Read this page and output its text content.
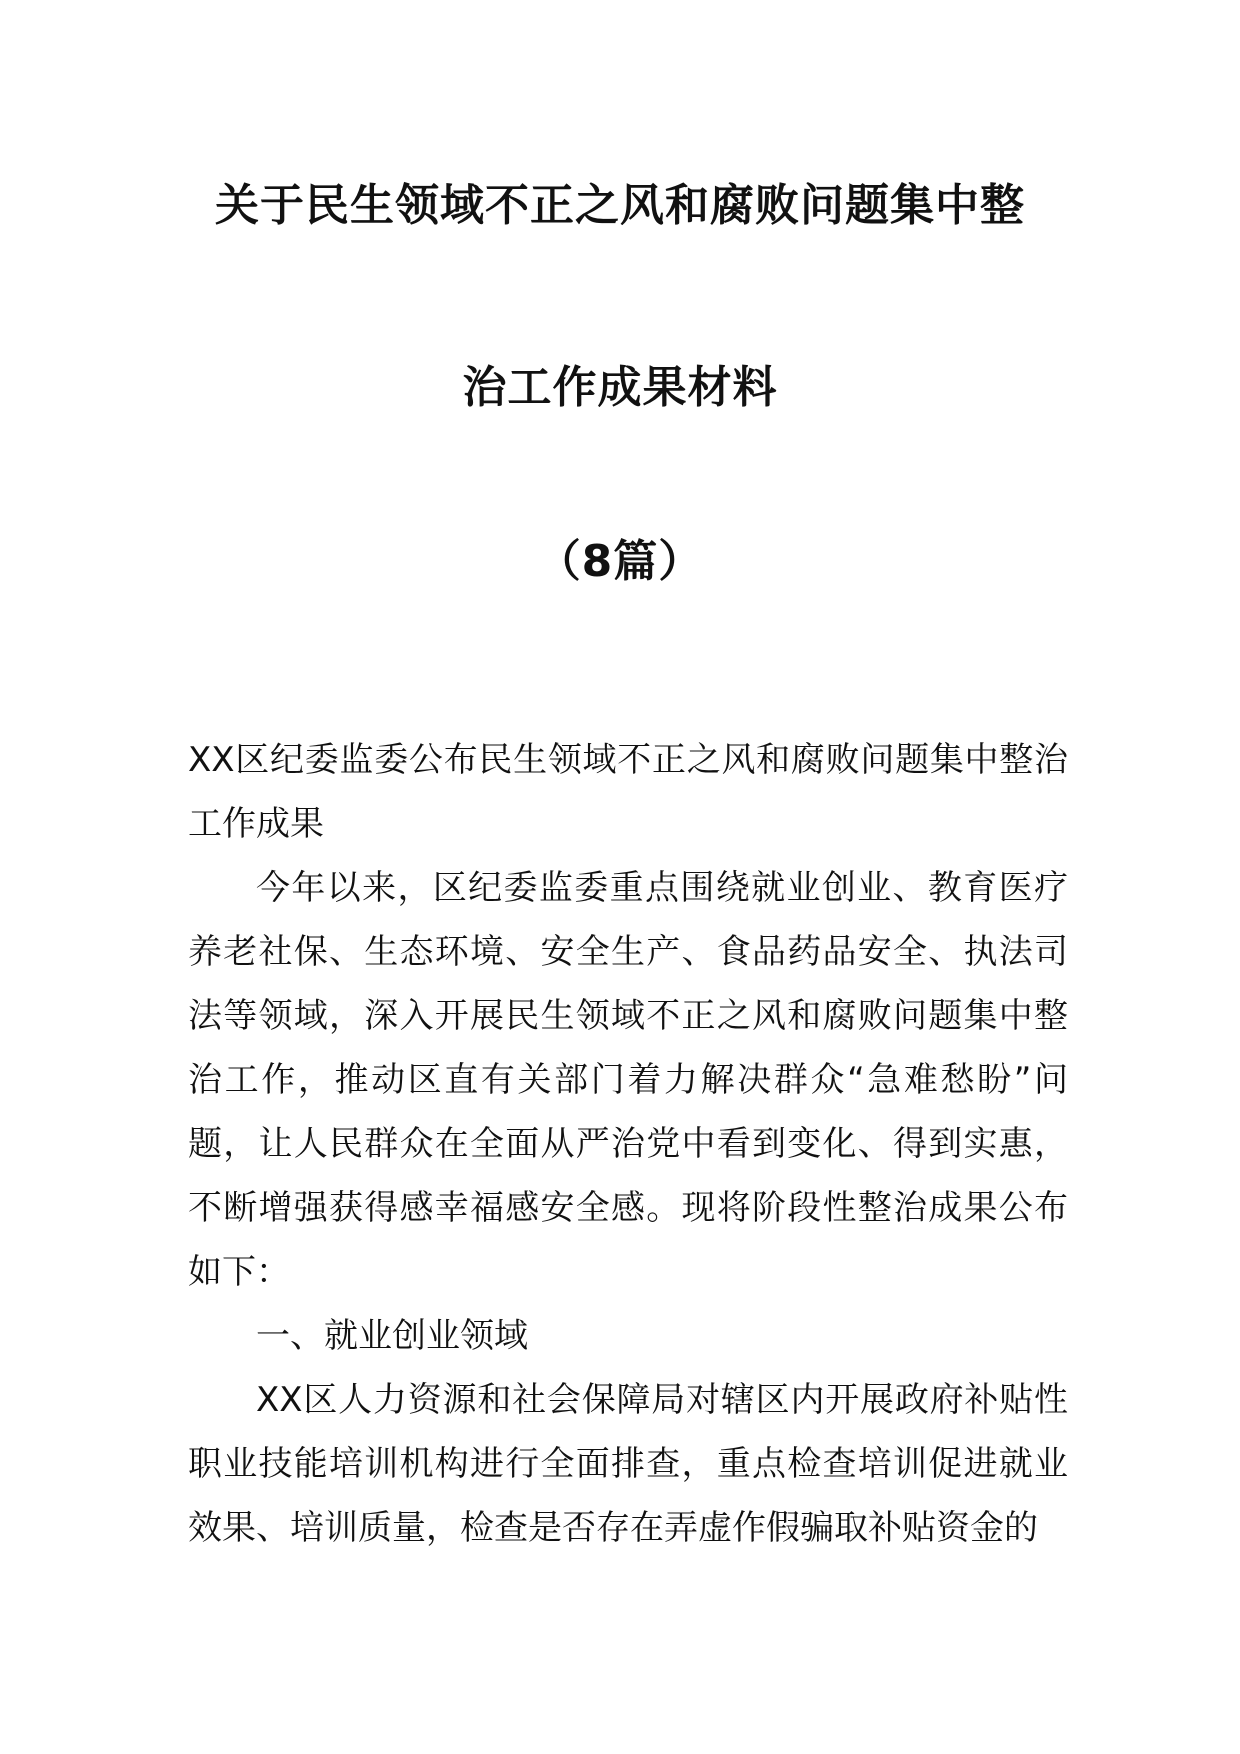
关于民生领域不正之风和腐败问题集中整
治工作成果材料
（8篇）

XX区纪委监委公布民生领域不正之风和腐败问题集中整治工作成果

今年以来，区纪委监委重点围绕就业创业、教育医疗养老社保、生态环境、安全生产、食品药品安全、执法司法等领域，深入开展民生领域不正之风和腐败问题集中整治工作，推动区直有关部门着力解决群众“急难愁盼”问题，让人民群众在全面从严治党中看到变化、得到实惠，不断增强获得感幸福感安全感。现将阶段性整治成果公布如下：

一、就业创业领域

XX区人力资源和社会保障局对辖区内开展政府补贴性职业技能培训机构进行全面排查，重点检查培训促进就业效果、培训质量，检查是否存在弄虚作假骗取补贴资金的
